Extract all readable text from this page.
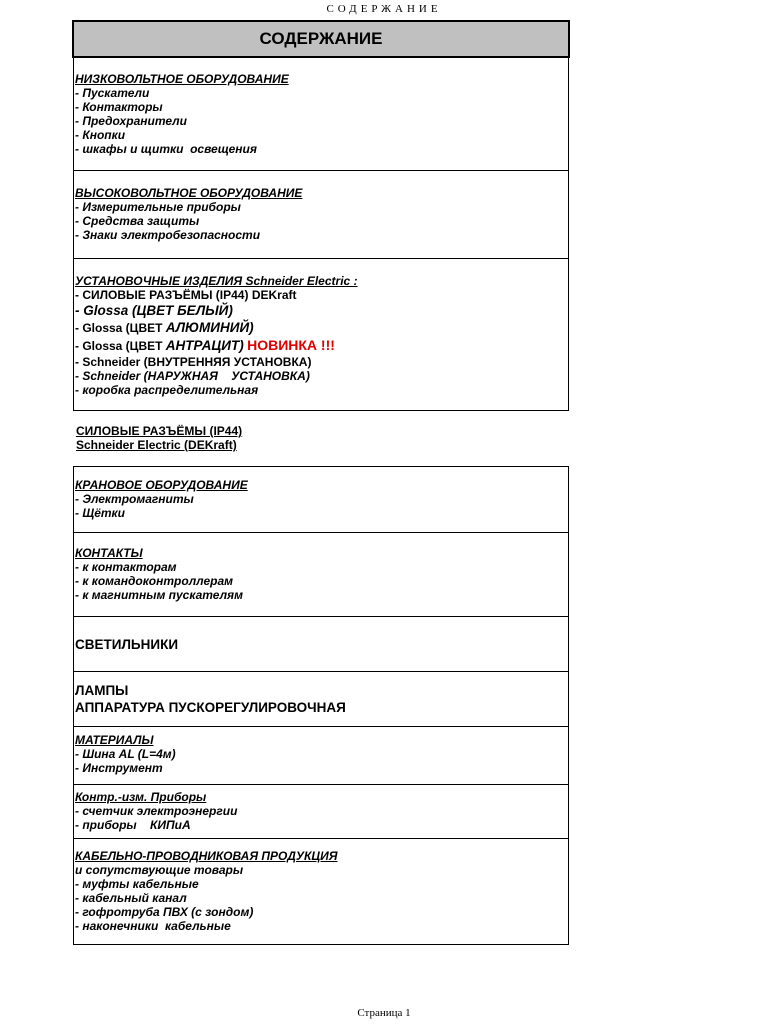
СОДЕРЖАНИЕ
СОДЕРЖАНИЕ
НИЗКОВОЛЬТНОЕ ОБОРУДОВАНИЕ
- Пускатели
- Контакторы
- Предохранители
- Кнопки
- шкафы и щитки  освещения
ВЫСОКОВОЛЬТНОЕ ОБОРУДОВАНИЕ
- Измерительные приборы
- Средства защиты
- Знаки электробезопасности
УСТАНОВОЧНЫЕ ИЗДЕЛИЯ Schneider Electric :
- СИЛОВЫЕ РАЗЪЁМЫ (IP44) DEKraft
- Glossa (ЦВЕТ БЕЛЫЙ)
- Glossa (ЦВЕТ АЛЮМИНИЙ)
- Glossa (ЦВЕТ АНТРАЦИТ) НОВИНКА !!!
- Schneider (ВНУТРЕННЯЯ УСТАНОВКА)
- Schneider (НАРУЖНАЯ    УСТАНОВКА)
- коробка распределительная
СИЛОВЫЕ РАЗЪЁМЫ (IP44)
Schneider Electric (DEKraft)
КРАНОВОЕ ОБОРУДОВАНИЕ
- Электромагниты
- Щётки
КОНТАКТЫ
- к контакторам
- к командоконтроллерам
- к магнитным пускателям
СВЕТИЛЬНИКИ
ЛАМПЫ
АППАРАТУРА ПУСКОРЕГУЛИРОВОЧНАЯ
МАТЕРИАЛЫ
- Шина AL (L=4м)
- Инструмент
Контр.-изм. Приборы
- счетчик электроэнергии
- приборы    КИПиА
КАБЕЛЬНО-ПРОВОДНИКОВАЯ ПРОДУКЦИЯ
и сопутствующие товары
- муфты кабельные
- кабельный канал
- гофротруба ПВХ (с зондом)
- наконечники  кабельные
Страница 1
